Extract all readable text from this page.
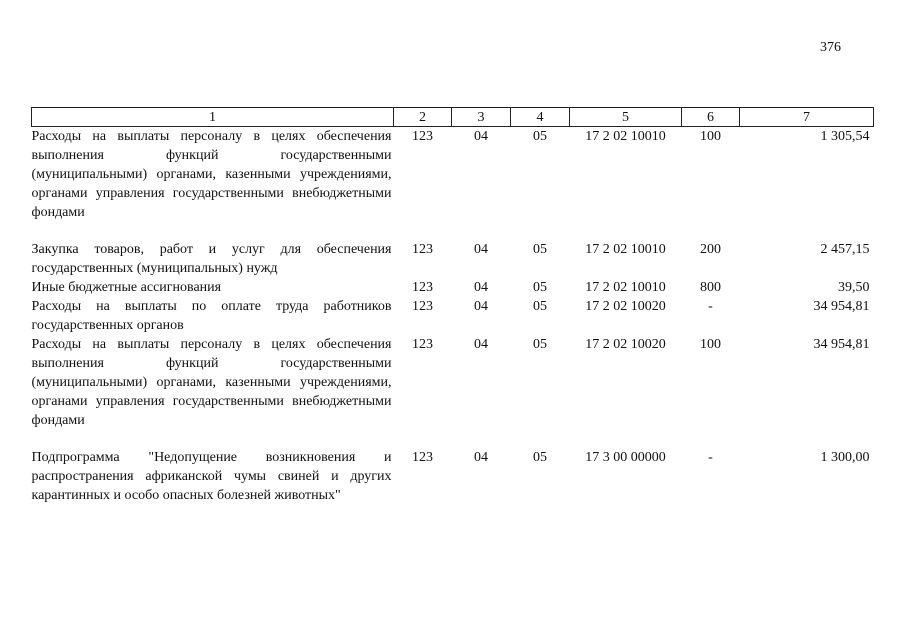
376
1	2	3	4	5	6	7
Расходы на выплаты персоналу в целях обеспечения выполнения функций государственными (муниципальными) органами, казенными учреждениями, органами управления государственными внебюджетными фондами	123	04	05	17 2 02 10010	100	1 305,54
Закупка товаров, работ и услуг для обеспечения государственных (муниципальных) нужд	123	04	05	17 2 02 10010	200	2 457,15
Иные бюджетные ассигнования	123	04	05	17 2 02 10010	800	39,50
Расходы на выплаты по оплате труда работников государственных органов	123	04	05	17 2 02 10020	-	34 954,81
Расходы на выплаты персоналу в целях обеспечения выполнения функций государственными (муниципальными) органами, казенными учреждениями, органами управления государственными внебюджетными фондами	123	04	05	17 2 02 10020	100	34 954,81
Подпрограмма "Недопущение возникновения и распространения африканской чумы свиней и других карантинных и особо опасных болезней животных"	123	04	05	17 3 00 00000	-	1 300,00
